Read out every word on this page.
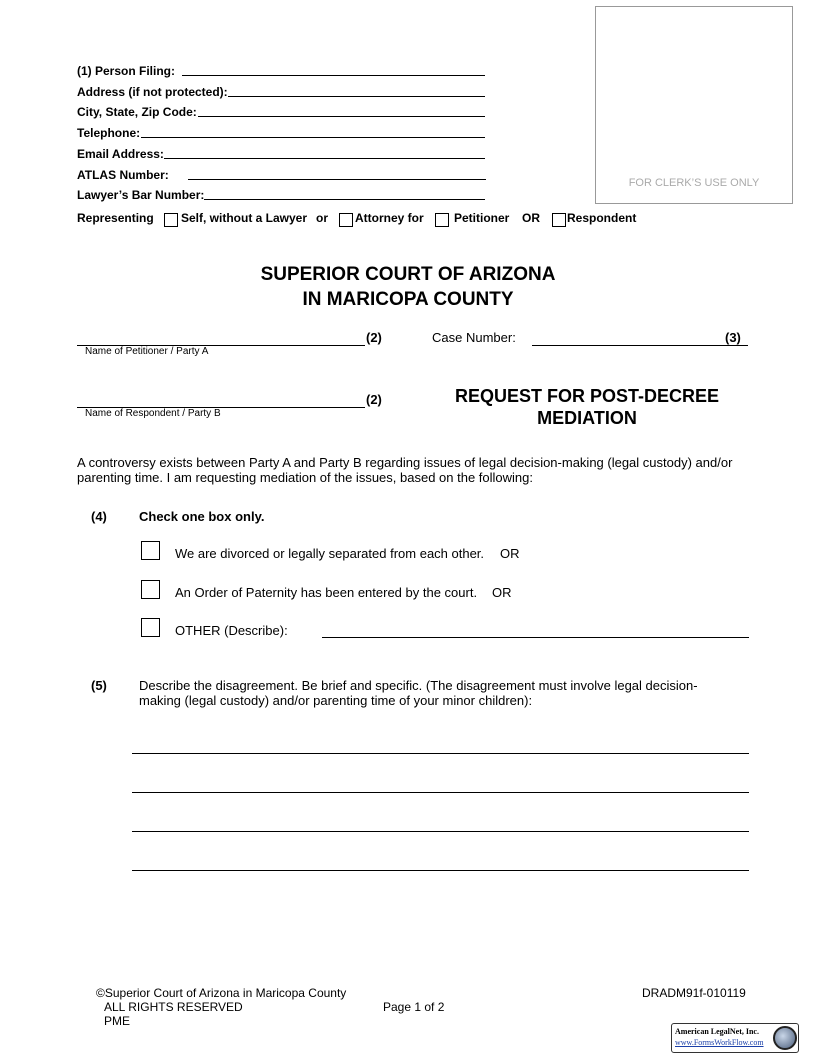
FOR CLERK’S USE ONLY
(1) Person Filing:
Address (if not protected):
City, State, Zip Code:
Telephone:
Email Address:
ATLAS Number:
Lawyer’s Bar Number:
Representing Self, without a Lawyer or Attorney for	Petitioner OR Respondent
SUPERIOR COURT OF ARIZONA
IN MARICOPA COUNTY
(2)
Name of Petitioner / Party A
Case Number:	(3)
(2)
Name of Respondent / Party B
REQUEST FOR POST-DECREE
MEDIATION
A controversy exists between Party A and Party B regarding issues of legal decision-making (legal custody) and/or
parenting time. I am requesting mediation of the issues, based on the following:
(4) Check one box only.
We are divorced or legally separated from each other. OR
An Order of Paternity has been entered by the court. OR
OTHER (Describe):
(5) Describe the disagreement. Be brief and specific. (The disagreement must involve legal decision-
making (legal custody) and/or parenting time of your minor children):
©Superior Court of Arizona in Maricopa County
ALL RIGHTS RESERVED
PME
Page 1 of 2
DRADM91f-010119
American LegalNet, Inc.
www.FormsWorkFlow.com
